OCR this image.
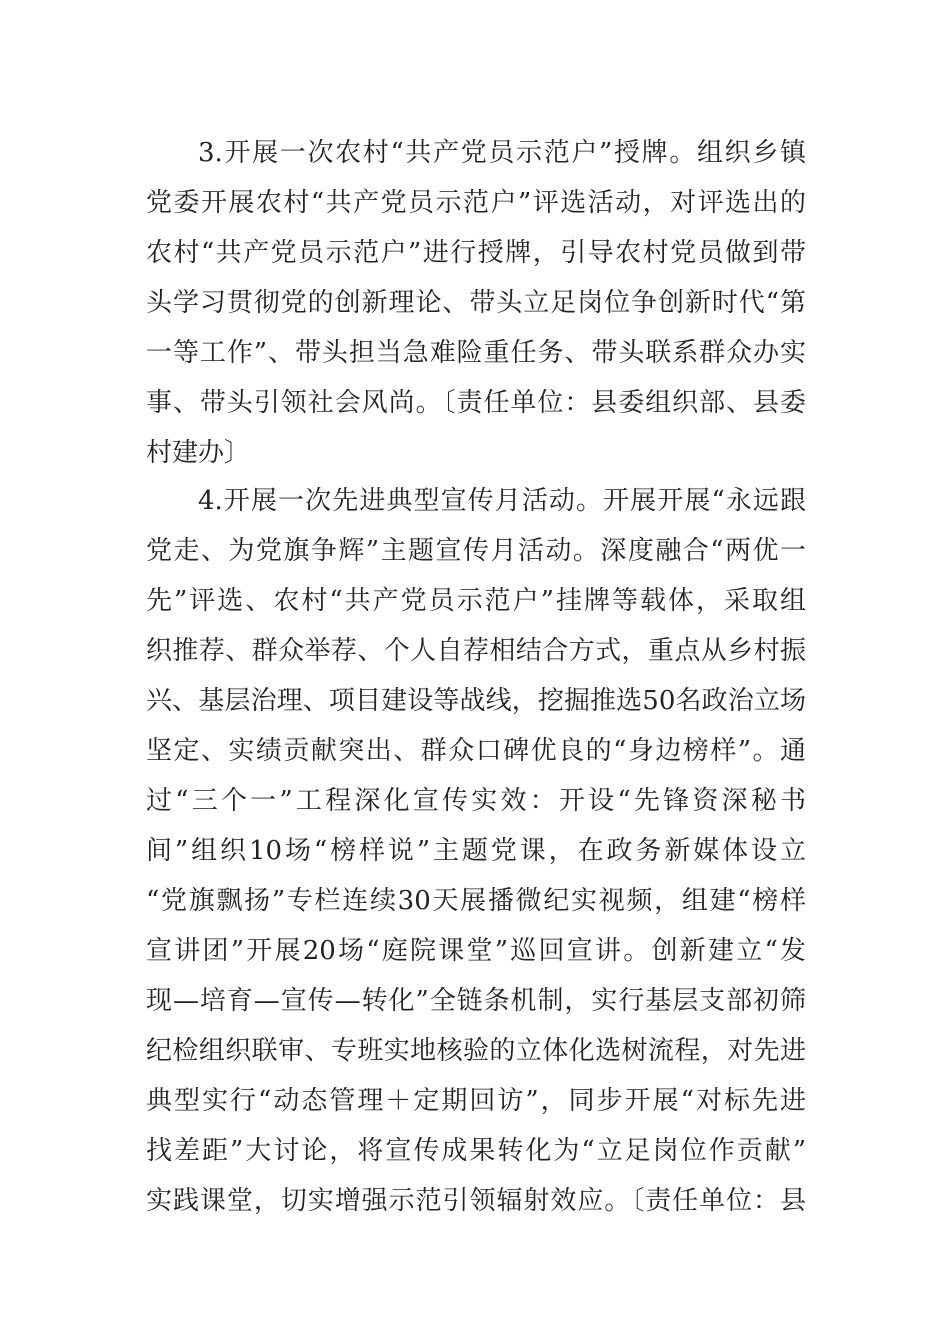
3.开展一次农村“共产党员示范户”授牌。组织乡镇
党委开展农村“共产党员示范户”评选活动，对评选出的
农村“共产党员示范户”进行授牌，引导农村党员做到带
头学习贯彻党的创新理论、带头立足岗位争创新时代“第
一等工作”、带头担当急难险重任务、带头联系群众办实
事、带头引领社会风尚。〔责任单位：县委组织部、县委
村建办〕
4.开展一次先进典型宣传月活动。开展开展“永远跟
党走、为党旗争辉”主题宣传月活动。深度融合“两优一
先”评选、农村“共产党员示范户”挂牌等载体，采取组
织推荐、群众举荐、个人自荐相结合方式，重点从乡村振
兴、基层治理、项目建设等战线，挖掘推选50名政治立场
坚定、实绩贡献突出、群众口碑优良的“身边榜样”。通
过“三个一”工程深化宣传实效：开设“先锋资深秘书
间”组织10场“榜样说”主题党课，在政务新媒体设立
“党旗飘扬”专栏连续30天展播微纪实视频，组建“榜样
宣讲团”开展20场“庭院课堂”巡回宣讲。创新建立“发
现—培育—宣传—转化”全链条机制，实行基层支部初筛
纪检组织联审、专班实地核验的立体化选树流程，对先进
典型实行“动态管理＋定期回访”，同步开展“对标先进
找差距”大讨论，将宣传成果转化为“立足岗位作贡献”
实践课堂，切实增强示范引领辐射效应。〔责任单位：县
